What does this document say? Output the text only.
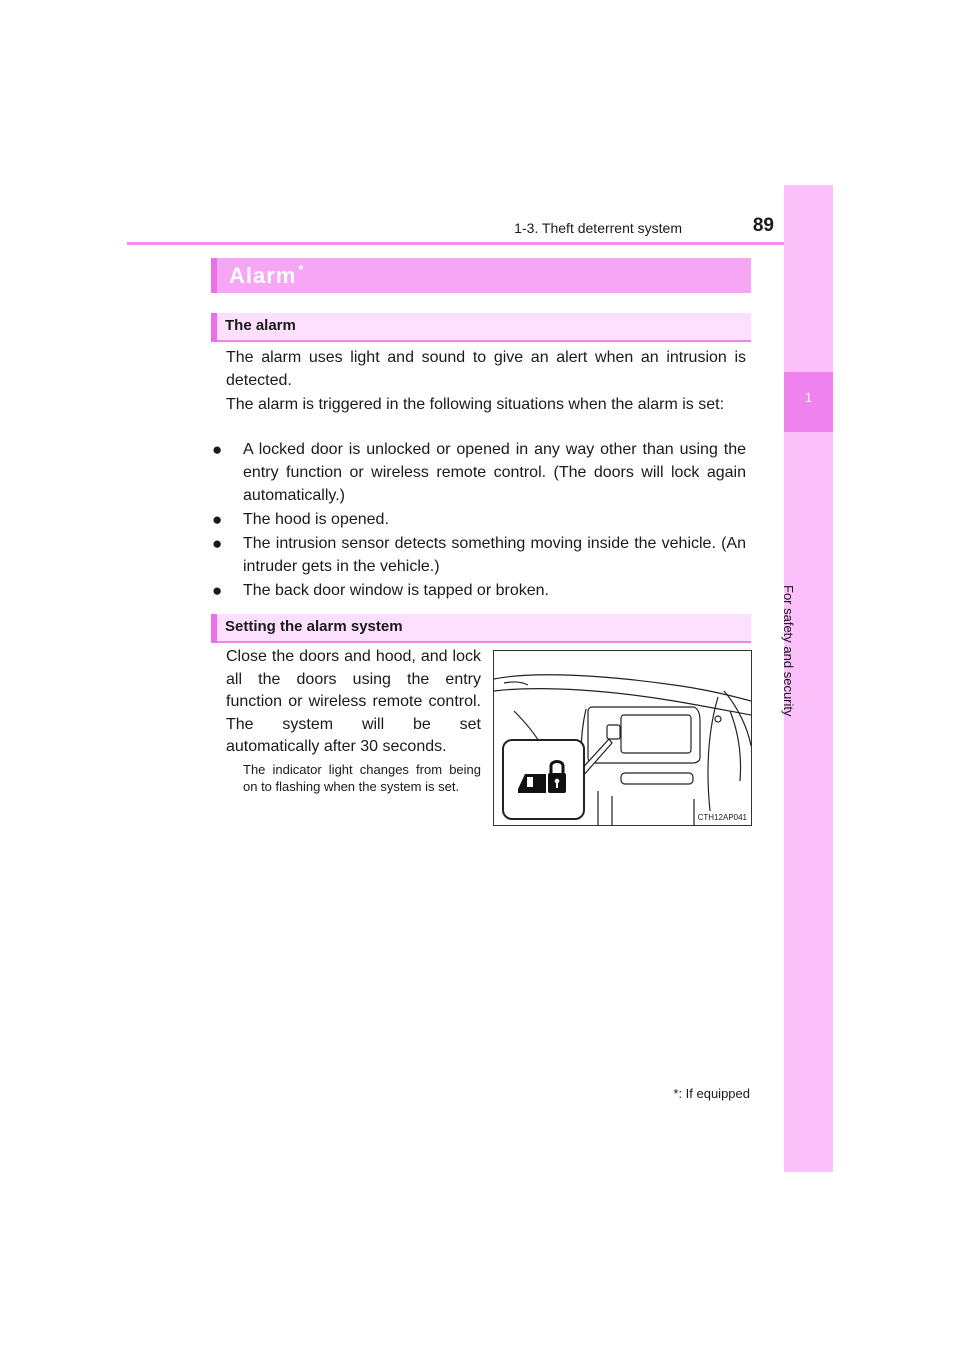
1-3. Theft deterrent system	89
1
For safety and security
Alarm *
The alarm

The alarm uses light and sound to give an alert when an intrusion is detected.

The alarm is triggered in the following situations when the alarm is set:

● A locked door is unlocked or opened in any way other than using the entry function or wireless remote control. (The doors will lock again automatically.)
● The hood is opened.
● The intrusion sensor detects something moving inside the vehicle. (An intruder gets in the vehicle.)
● The back door window is tapped or broken.
Setting the alarm system

Close the doors and hood, and lock all the doors using the entry function or wireless remote control. The system will be set automatically after 30 seconds.

The indicator light changes from being on to flashing when the system is set.

CTH12AP041
*: If equipped
